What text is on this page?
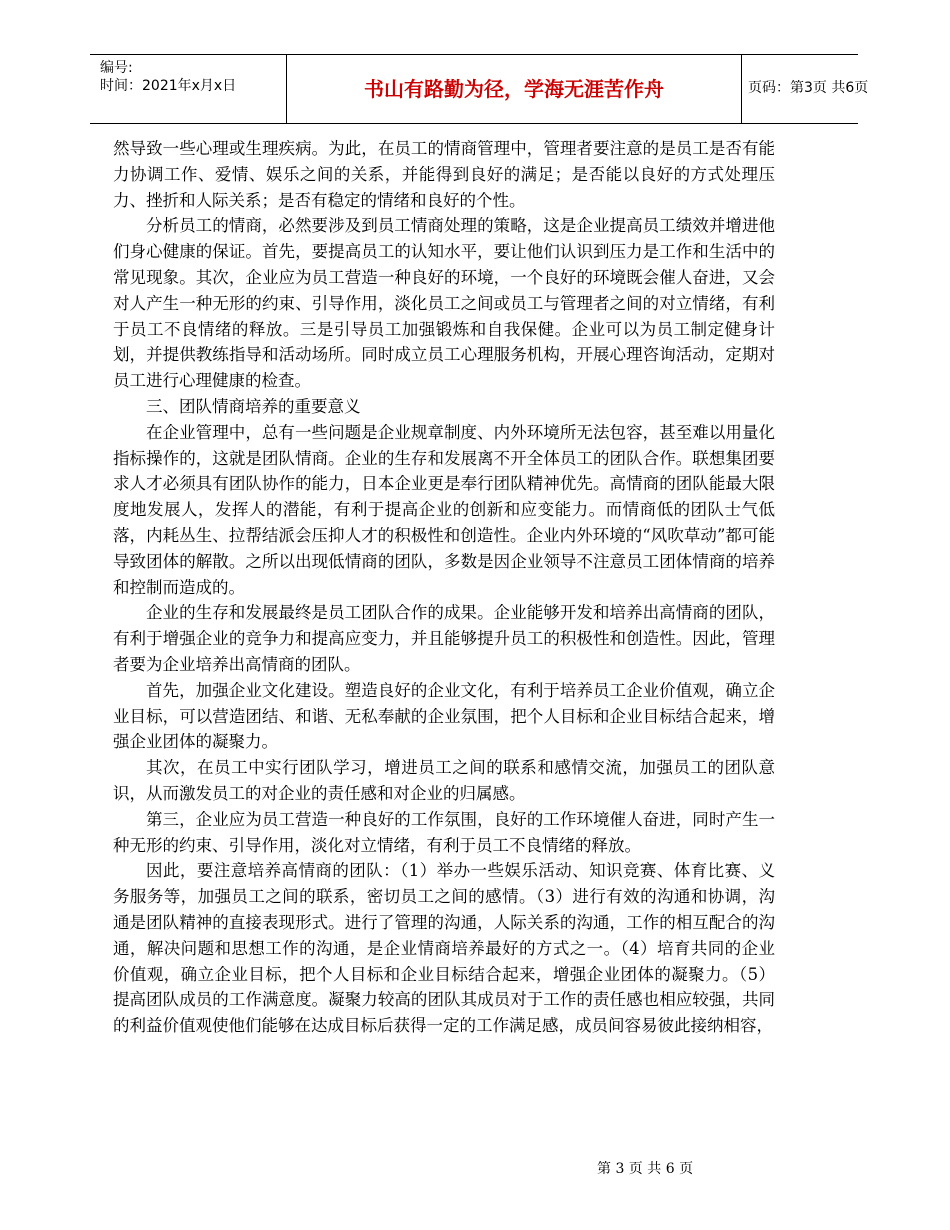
编号:
时间：2021年x月x日	书山有路勤为径，学海无涯苦作舟	页码：第3页 共6页

然导致一些心理或生理疾病。为此，在员工的情商管理中，管理者要注意的是员工是否有能力协调工作、爱情、娱乐之间的关系，并能得到良好的满足；是否能以良好的方式处理压力、挫折和人际关系；是否有稳定的情绪和良好的个性。

分析员工的情商，必然要涉及到员工情商处理的策略，这是企业提高员工绩效并增进他们身心健康的保证。首先，要提高员工的认知水平，要让他们认识到压力是工作和生活中的常见现象。其次，企业应为员工营造一种良好的环境，一个良好的环境既会催人奋进，又会对人产生一种无形的约束、引导作用，淡化员工之间或员工与管理者之间的对立情绪，有利于员工不良情绪的释放。三是引导员工加强锻炼和自我保健。企业可以为员工制定健身计划，并提供教练指导和活动场所。同时成立员工心理服务机构，开展心理咨询活动，定期对员工进行心理健康的检查。

三、团队情商培养的重要意义

在企业管理中，总有一些问题是企业规章制度、内外环境所无法包容，甚至难以用量化指标操作的，这就是团队情商。企业的生存和发展离不开全体员工的团队合作。联想集团要求人才必须具有团队协作的能力，日本企业更是奉行团队精神优先。高情商的团队能最大限度地发展人，发挥人的潜能，有利于提高企业的创新和应变能力。而情商低的团队士气低落，内耗丛生、拉帮结派会压抑人才的积极性和创造性。企业内外环境的“风吹草动”都可能导致团体的解散。之所以出现低情商的团队，多数是因企业领导不注意员工团体情商的培养和控制而造成的。

企业的生存和发展最终是员工团队合作的成果。企业能够开发和培养出高情商的团队，有利于增强企业的竞争力和提高应变力，并且能够提升员工的积极性和创造性。因此，管理者要为企业培养出高情商的团队。

首先，加强企业文化建设。塑造良好的企业文化，有利于培养员工企业价值观，确立企业目标，可以营造团结、和谐、无私奉献的企业氛围，把个人目标和企业目标结合起来，增强企业团体的凝聚力。

其次，在员工中实行团队学习，增进员工之间的联系和感情交流，加强员工的团队意识，从而激发员工的对企业的责任感和对企业的归属感。

第三，企业应为员工营造一种良好的工作氛围，良好的工作环境催人奋进，同时产生一种无形的约束、引导作用，淡化对立情绪，有利于员工不良情绪的释放。

因此，要注意培养高情商的团队：（1）举办一些娱乐活动、知识竞赛、体育比赛、义务服务等，加强员工之间的联系，密切员工之间的感情。（3）进行有效的沟通和协调，沟通是团队精神的直接表现形式。进行了管理的沟通，人际关系的沟通，工作的相互配合的沟通，解决问题和思想工作的沟通，是企业情商培养最好的方式之一。（4）培育共同的企业价值观，确立企业目标，把个人目标和企业目标结合起来，增强企业团体的凝聚力。（5）提高团队成员的工作满意度。凝聚力较高的团队其成员对于工作的责任感也相应较强，共同的利益价值观使他们能够在达成目标后获得一定的工作满足感，成员间容易彼此接纳相容，

第 3 页 共 6 页
